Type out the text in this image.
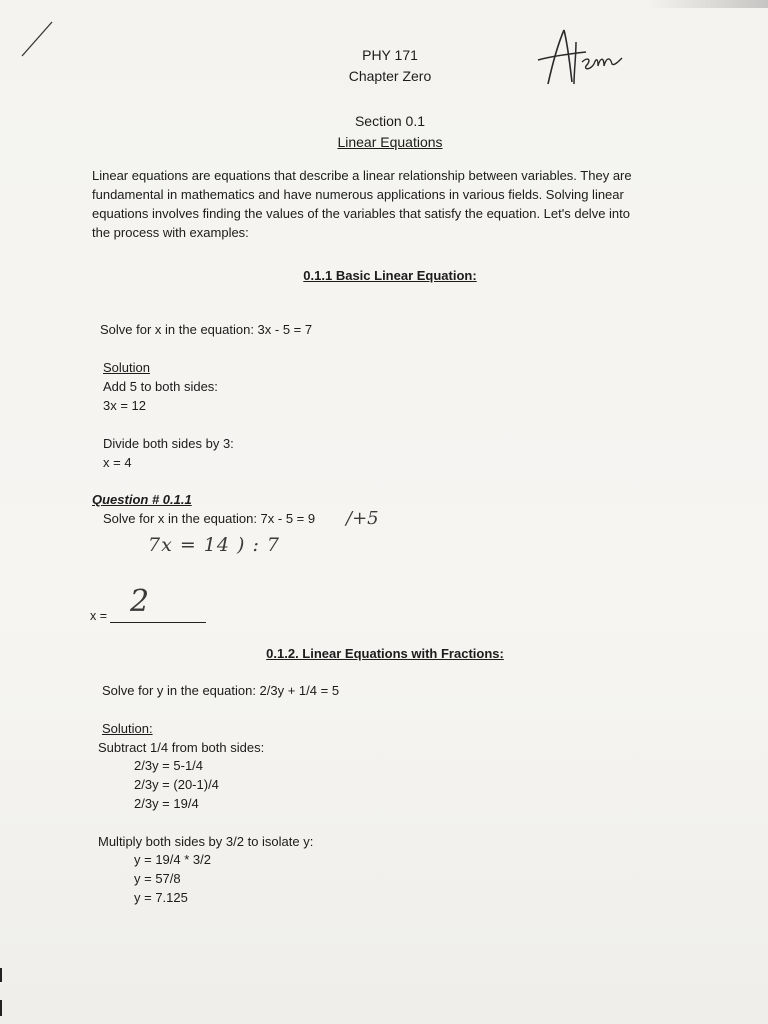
PHY 171
Chapter Zero
Section 0.1
Linear Equations
Linear equations are equations that describe a linear relationship between variables. They are
fundamental in mathematics and have numerous applications in various fields. Solving linear
equations involves finding the values of the variables that satisfy the equation. Let's delve into
the process with examples:
0.1.1 Basic Linear Equation:
Solve for x in the equation: 3x - 5 = 7
Solution
Add 5 to both sides:
3x = 12
Divide both sides by 3:
x = 4
Question # 0.1.1
Solve for x in the equation: 7x - 5 = 9 /+5
7x = 14 ) : 7
x = 2
0.1.2. Linear Equations with Fractions:
Solve for y in the equation: 2/3y + 1/4 = 5
Solution:
Subtract 1/4 from both sides:
2/3y = 5-1/4
2/3y = (20-1)/4
2/3y = 19/4
Multiply both sides by 3/2 to isolate y:
y = 19/4 * 3/2
y = 57/8
y = 7.125
